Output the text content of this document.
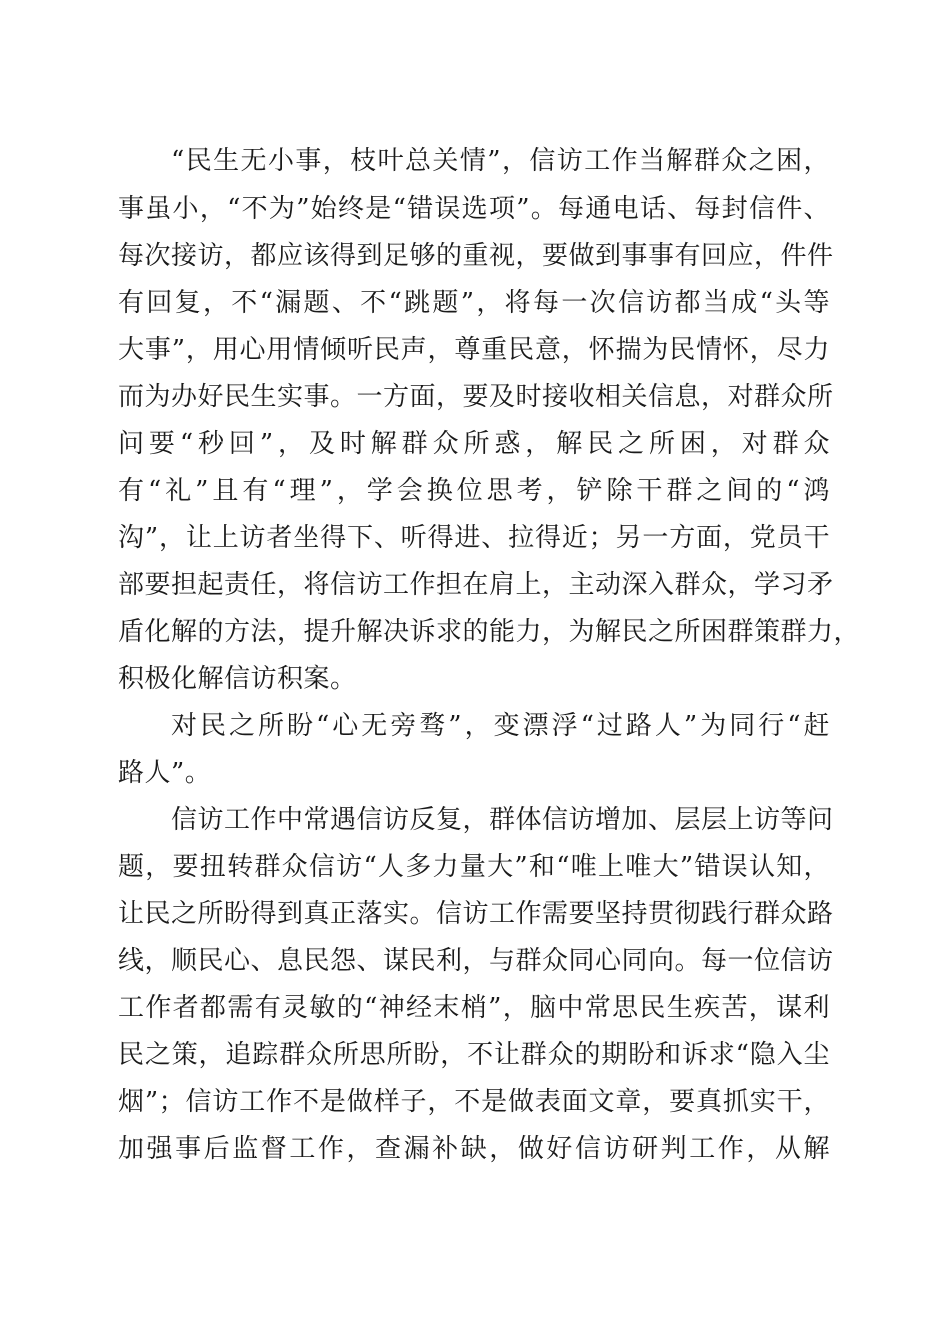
“民生无小事，枝叶总关情”，信访工作当解群众之困，
事虽小，“不为”始终是“错误选项”。每通电话、每封信件、
每次接访，都应该得到足够的重视，要做到事事有回应，件件
有回复，不“漏题、不“跳题”，将每一次信访都当成“头等
大事”，用心用情倾听民声，尊重民意，怀揣为民情怀，尽力
而为办好民生实事。一方面，要及时接收相关信息，对群众所
问要“秒回”，及时解群众所惑，解民之所困，对群众
有“礼”且有“理”，学会换位思考，铲除干群之间的“鸿
沟”，让上访者坐得下、听得进、拉得近；另一方面，党员干
部要担起责任，将信访工作担在肩上，主动深入群众，学习矛
盾化解的方法，提升解决诉求的能力，为解民之所困群策群力，
积极化解信访积案。
对民之所盼“心无旁骛”，变漂浮“过路人”为同行“赶
路人”。
信访工作中常遇信访反复，群体信访增加、层层上访等问
题，要扭转群众信访“人多力量大”和“唯上唯大”错误认知，
让民之所盼得到真正落实。信访工作需要坚持贯彻践行群众路
线，顺民心、息民怨、谋民利，与群众同心同向。每一位信访
工作者都需有灵敏的“神经末梢”，脑中常思民生疾苦，谋利
民之策，追踪群众所思所盼，不让群众的期盼和诉求“隐入尘
烟”；信访工作不是做样子，不是做表面文章，要真抓实干，
加强事后监督工作，查漏补缺，做好信访研判工作，从解
